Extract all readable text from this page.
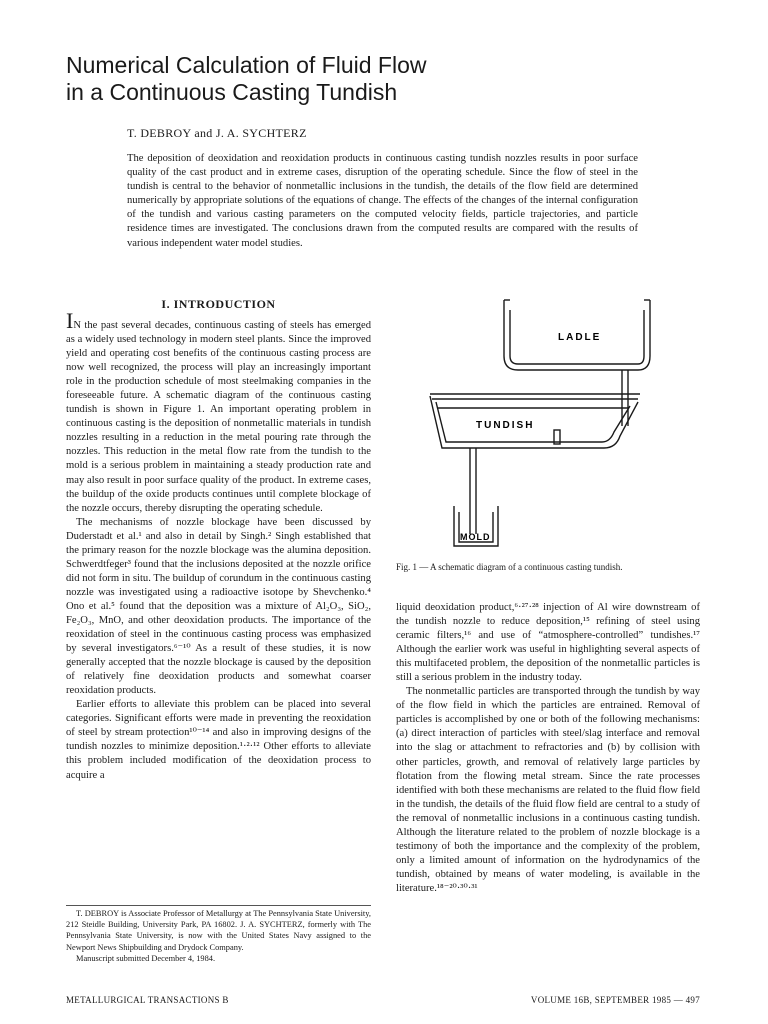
Numerical Calculation of Fluid Flow
in a Continuous Casting Tundish
T. DEBROY and J. A. SYCHTERZ

The deposition of deoxidation and reoxidation products in continuous casting tundish nozzles results in poor surface quality of the cast product and in extreme cases, disruption of the operating schedule. Since the flow of steel in the tundish is central to the behavior of nonmetallic inclusions in the tundish, the details of the flow field are determined numerically by appropriate solutions of the equations of change. The effects of the changes of the internal configuration of the tundish and various casting parameters on the computed velocity fields, particle trajectories, and particle residence times are investigated. The conclusions drawn from the computed results are compared with the results of various independent water model studies.

I. INTRODUCTION

IN the past several decades, continuous casting of steels has emerged as a widely used technology in modern steel plants. Since the improved yield and operating cost benefits of the continuous casting process are now well recognized, the process will play an increasingly important role in the production schedule of most steelmaking companies in the foreseeable future. A schematic diagram of the continuous casting tundish is shown in Figure 1. An important operating problem in continuous casting is the deposition of nonmetallic materials in tundish nozzles resulting in a reduction in the metal pouring rate through the nozzles. This reduction in the metal flow rate from the tundish to the mold is a serious problem in maintaining a steady production rate and may also result in poor surface quality of the product. In extreme cases, the buildup of the oxide products continues until complete blockage of the nozzle occurs, thereby disrupting the operating schedule.

The mechanisms of nozzle blockage have been discussed by Duderstadt et al.¹ and also in detail by Singh.² Singh established that the primary reason for the nozzle blockage was the alumina deposition. Schwerdtfeger³ found that the inclusions deposited at the nozzle orifice did not form in situ. The buildup of corundum in the continuous casting nozzle was investigated using a radioactive isotope by Shevchenko.⁴ Ono et al.⁵ found that the deposition was a mixture of Al₂O₃, SiO₂, Fe₂O₃, MnO, and other deoxidation products. The importance of the reoxidation of steel in the continuous casting process was emphasized by several investigators.⁶⁻¹⁰ As a result of these studies, it is now generally accepted that the nozzle blockage is caused by the deposition of relatively fine deoxidation products and somewhat coarser reoxidation products.

Earlier efforts to alleviate this problem can be placed into several categories. Significant efforts were made in preventing the reoxidation of steel by stream protection¹⁰⁻¹⁴ and also in improving designs of the tundish nozzles to minimize deposition.¹·²·¹² Other efforts to alleviate this problem included modification of the deoxidation process to acquire a

T. DEBROY is Associate Professor of Metallurgy at The Pennsylvania State University, 212 Steidle Building, University Park, PA 16802. J. A. SYCHTERZ, formerly with The Pennsylvania State University, is now with the United States Navy assigned to the Newport News Shipbuilding and Drydock Company.

Manuscript submitted December 4, 1984.

LADLE
TUNDISH
MOLD
Fig. 1 — A schematic diagram of a continuous casting tundish.

liquid deoxidation product,⁶·²⁷·²⁸ injection of Al wire downstream of the tundish nozzle to reduce deposition,¹⁵ refining of steel using ceramic filters,¹⁶ and use of “atmosphere-controlled” tundishes.¹⁷ Although the earlier work was useful in highlighting several aspects of this multifaceted problem, the deposition of the nonmetallic particles is still a serious problem in the industry today.

The nonmetallic particles are transported through the tundish by way of the flow field in which the particles are entrained. Removal of particles is accomplished by one or both of the following mechanisms: (a) direct interaction of particles with steel/slag interface and removal into the slag or attachment to refractories and (b) by collision with other particles, growth, and removal of relatively large particles by flotation from the flowing metal stream. Since the rate processes identified with both these mechanisms are related to the fluid flow field in the tundish, the details of the fluid flow field are central to a study of the removal of nonmetallic inclusions in a continuous casting tundish. Although the literature related to the problem of nozzle blockage is a testimony of both the importance and the complexity of the problem, only a limited amount of information on the hydrodynamics of the tundish, obtained by means of water modeling, is available in the literature.¹⁸⁻²⁰·³⁰·³¹

METALLURGICAL TRANSACTIONS B	VOLUME 16B, SEPTEMBER 1985 — 497
